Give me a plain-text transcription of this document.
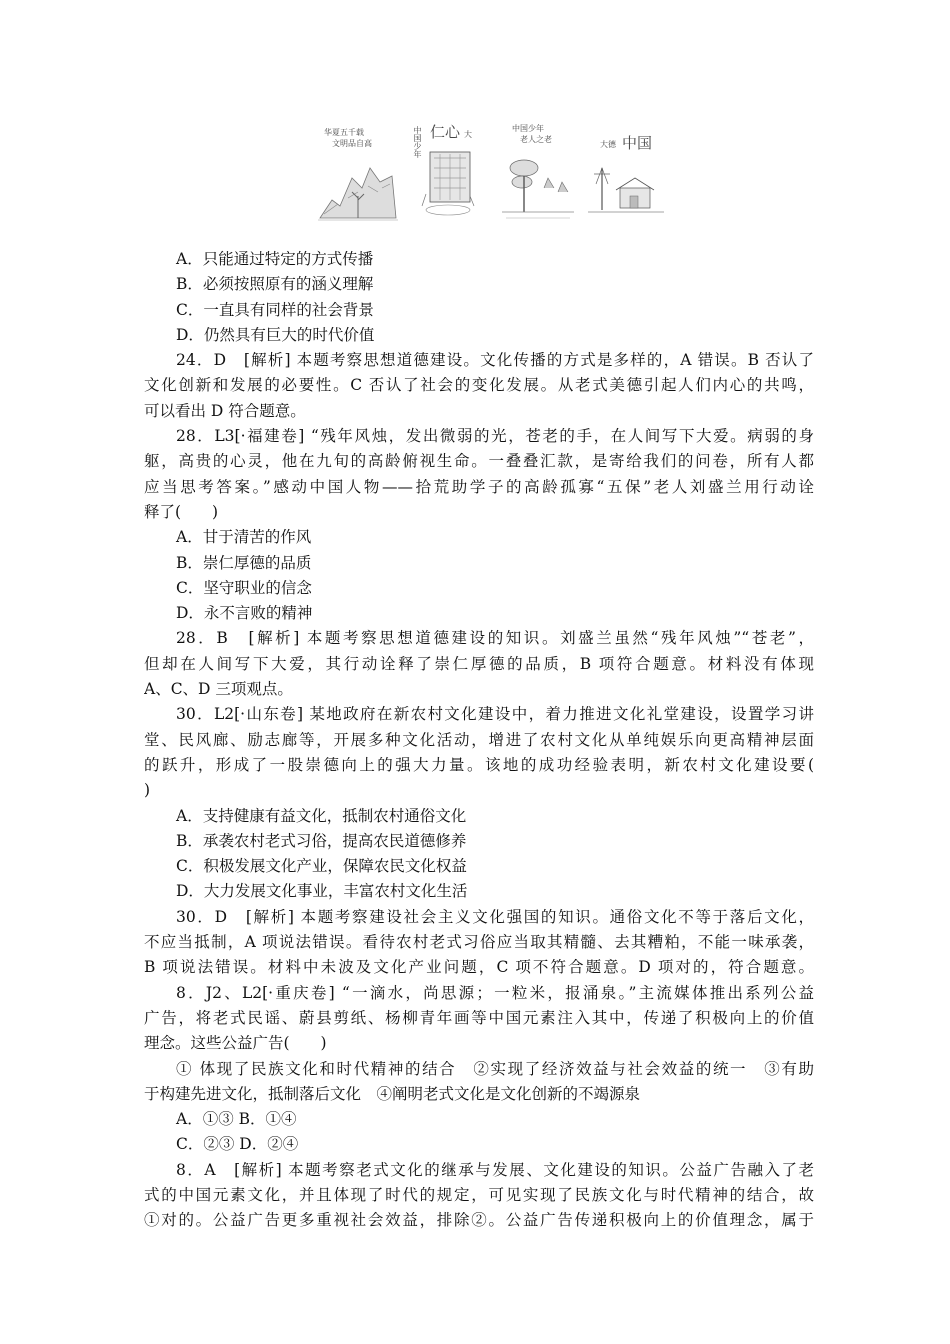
华夏五千载
文明品自高	中国少年 仁心 大
中国少年
老人之老
大德 中国
A．只能通过特定的方式传播
B．必须按照原有的涵义理解
C．一直具有同样的社会背景
D．仍然具有巨大的时代价值
24．D　[解析] 本题考察思想道德建设。文化传播的方式是多样的，A 错误。B 否认了
文化创新和发展的必要性。C 否认了社会的变化发展。从老式美德引起人们内心的共鸣，
可以看出 D 符合题意。
28．L3[·福建卷] “残年风烛，发出微弱的光，苍老的手，在人间写下大爱。病弱的身
躯，高贵的心灵，他在九旬的高龄俯视生命。一叠叠汇款，是寄给我们的问卷，所有人都
应当思考答案。”感动中国人物——拾荒助学子的高龄孤寡“五保”老人刘盛兰用行动诠
释了(　　)
A．甘于清苦的作风
B．崇仁厚德的品质
C．坚守职业的信念
D．永不言败的精神
28．B　[解析] 本题考察思想道德建设的知识。刘盛兰虽然“残年风烛”“苍老”，
但却在人间写下大爱，其行动诠释了崇仁厚德的品质，B 项符合题意。材料没有体现
A、C、D 三项观点。
30．L2[·山东卷] 某地政府在新农村文化建设中，着力推进文化礼堂建设，设置学习讲
堂、民风廊、励志廊等，开展多种文化活动，增进了农村文化从单纯娱乐向更高精神层面
的跃升，形成了一股崇德向上的强大力量。该地的成功经验表明，新农村文化建设要(
)
A．支持健康有益文化，抵制农村通俗文化
B．承袭农村老式习俗，提高农民道德修养
C．积极发展文化产业，保障农民文化权益
D．大力发展文化事业，丰富农村文化生活
30．D　[解析] 本题考察建设社会主义文化强国的知识。通俗文化不等于落后文化，
不应当抵制，A 项说法错误。看待农村老式习俗应当取其精髓、去其糟粕，不能一味承袭，
B 项说法错误。材料中未波及文化产业问题，C 项不符合题意。D 项对的，符合题意。
8．J2、L2[·重庆卷] “一滴水，尚思源；一粒米，报涌泉。”主流媒体推出系列公益
广告，将老式民谣、蔚县剪纸、杨柳青年画等中国元素注入其中，传递了积极向上的价值
理念。这些公益广告(　　)
① 体现了民族文化和时代精神的结合　②实现了经济效益与社会效益的统一　③有助
于构建先进文化，抵制落后文化　④阐明老式文化是文化创新的不竭源泉
A．①③ B．①④
C．②③ D．②④
8．A　[解析] 本题考察老式文化的继承与发展、文化建设的知识。公益广告融入了老
式的中国元素文化，并且体现了时代的规定，可见实现了民族文化与时代精神的结合，故
①对的。公益广告更多重视社会效益，排除②。公益广告传递积极向上的价值理念，属于
